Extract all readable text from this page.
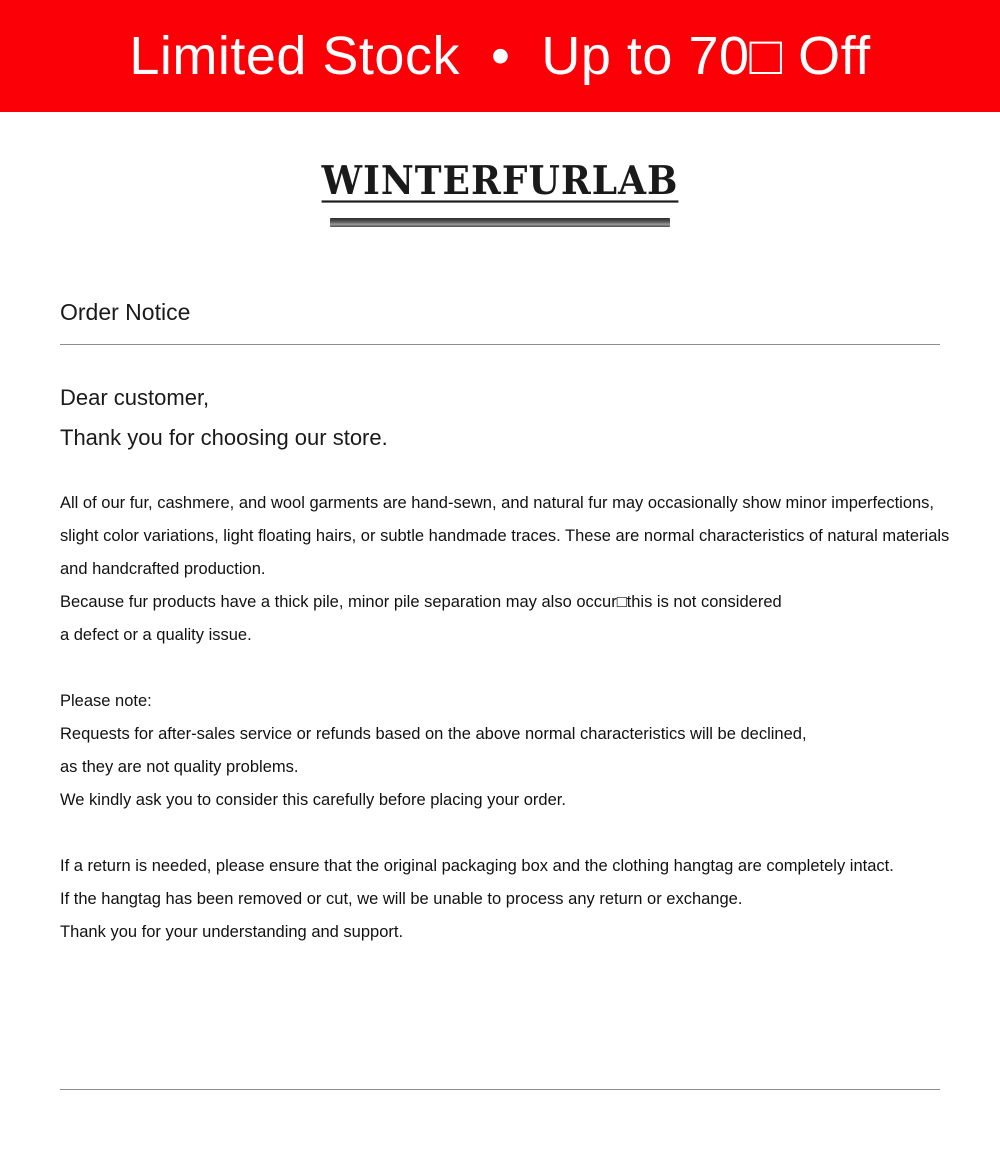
Limited Stock  •  Up to 70□ Off
WINTERFURLAB
Order Notice

Dear customer,

Thank you for choosing our store.

All of our fur, cashmere, and wool garments are hand-sewn, and natural fur may occasionally show minor imperfections, slight color variations, light floating hairs, or subtle handmade traces. These are normal characteristics of natural materials and handcrafted production.

Because fur products have a thick pile, minor pile separation may also occur□this is not considered

a defect or a quality issue.

Please note:

Requests for after-sales service or refunds based on the above normal characteristics will be declined,

as they are not quality problems.

We kindly ask you to consider this carefully before placing your order.

If a return is needed, please ensure that the original packaging box and the clothing hangtag are completely intact.

If the hangtag has been removed or cut, we will be unable to process any return or exchange.

Thank you for your understanding and support.
